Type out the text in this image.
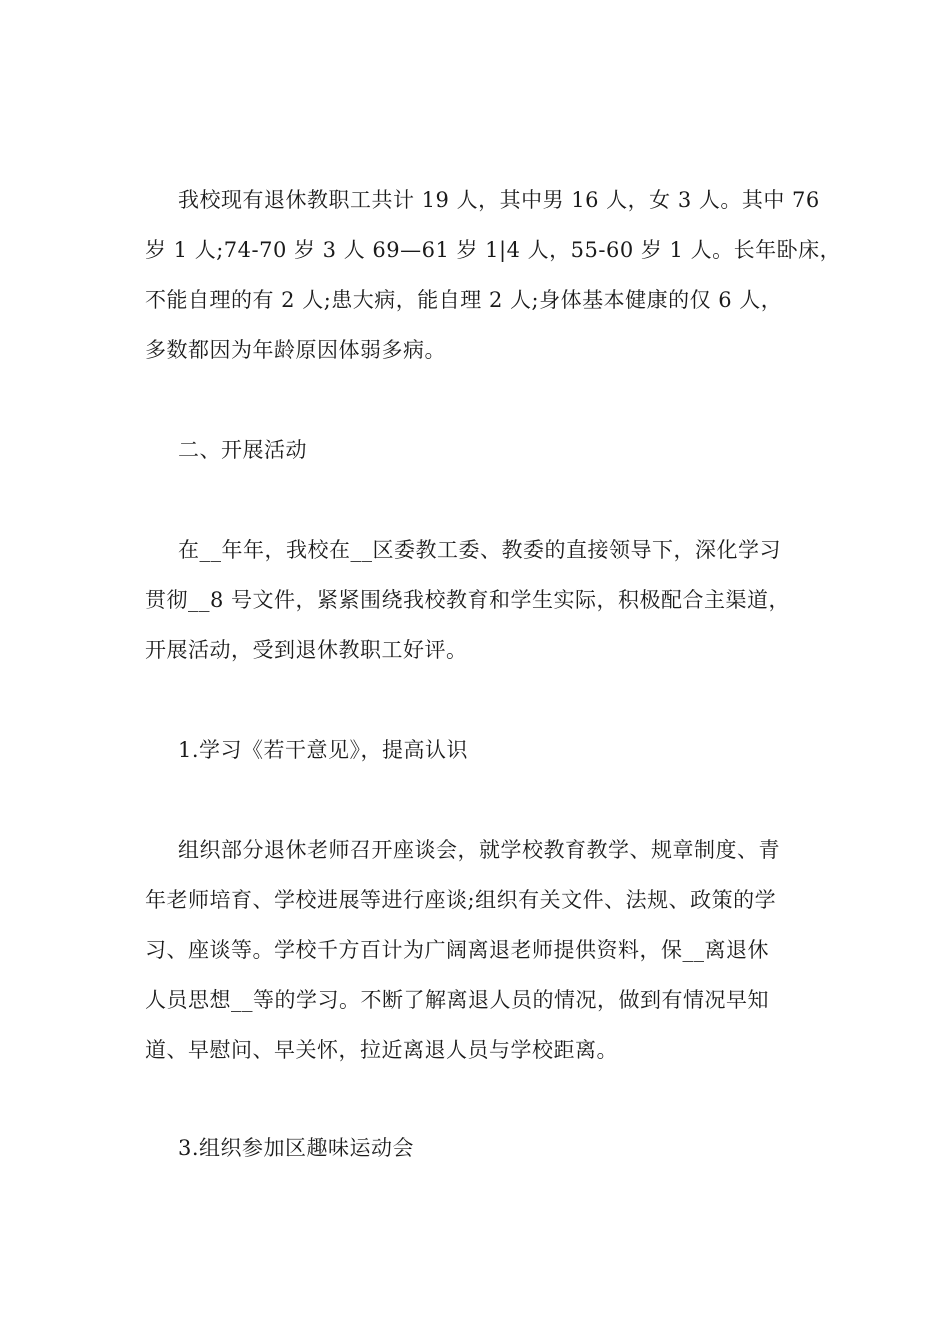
我校现有退休教职工共计 19 人，其中男 16 人，女 3 人。其中 76
岁 1 人;74-70 岁 3 人 69—61 岁 1|4 人，55-60 岁 1 人。长年卧床，
不能自理的有 2 人;患大病，能自理 2 人;身体基本健康的仅 6 人，
多数都因为年龄原因体弱多病。
二、开展活动
在__年年，我校在__区委教工委、教委的直接领导下，深化学习
贯彻__8 号文件，紧紧围绕我校教育和学生实际，积极配合主渠道，
开展活动，受到退休教职工好评。
1.学习《若干意见》，提高认识
组织部分退休老师召开座谈会，就学校教育教学、规章制度、青
年老师培育、学校进展等进行座谈;组织有关文件、法规、政策的学
习、座谈等。学校千方百计为广阔离退老师提供资料，保__离退休
人员思想__等的学习。不断了解离退人员的情况，做到有情况早知
道、早慰问、早关怀，拉近离退人员与学校距离。
3.组织参加区趣味运动会
